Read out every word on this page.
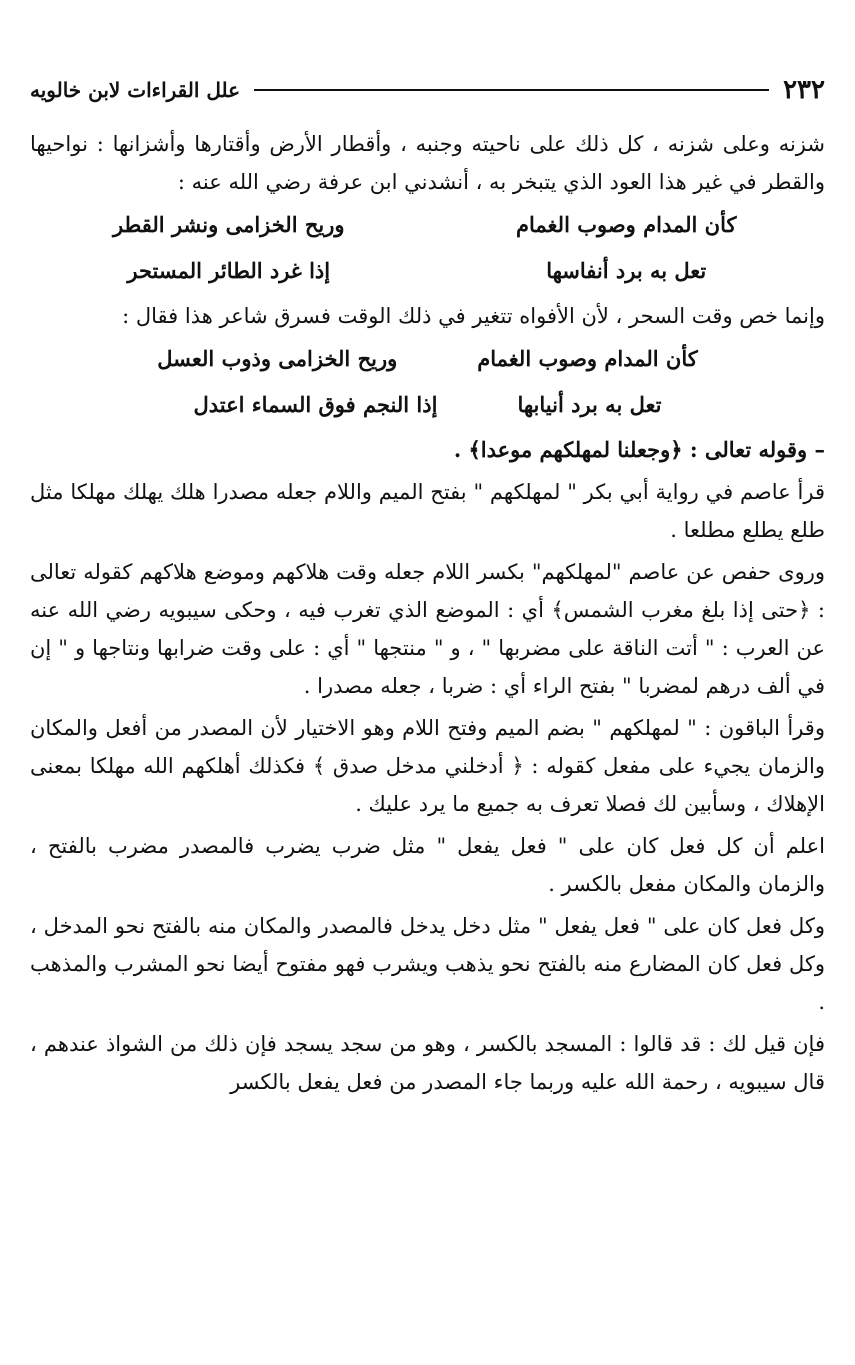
٢٣٢
علل القراءات لابن خالويه

شزنه وعلى شزنه ، كل ذلك على ناحيته وجنبه ، وأقطار الأرض وأقتارها وأشزانها : نواحيها والقطر في غير هذا العود الذي يتبخر به ، أنشدني ابن عرفة رضي الله عنه :

كأن المدام وصوب الغمام
وريح الخزامى ونشر القطر
تعل به برد أنفاسها
إذا غرد الطائر المستحر

وإنما خص وقت السحر ، لأن الأفواه تتغير في ذلك الوقت فسرق شاعر هذا فقال :

كأن المدام وصوب الغمام
وريح الخزامى وذوب العسل
تعل به برد أنيابها
إذا النجم فوق السماء اعتدل

– وقوله تعالى : ﴿وجعلنا لمهلكهم موعدا﴾ .

قرأ عاصم في رواية أبي بكر " لمهلكهم " بفتح الميم واللام جعله مصدرا هلك يهلك مهلكا مثل طلع يطلع مطلعا .

وروى حفص عن عاصم "لمهلكهم" بكسر اللام جعله وقت هلاكهم وموضع هلاكهم كقوله تعالى : ﴿حتى إذا بلغ مغرب الشمس﴾ أي : الموضع الذي تغرب فيه ، وحكى سيبويه رضي الله عنه عن العرب : " أتت الناقة على مضربها " ، و " منتجها " أي : على وقت ضرابها ونتاجها و " إن في ألف درهم لمضربا " بفتح الراء أي : ضربا ، جعله مصدرا .

وقرأ الباقون : " لمهلكهم " بضم الميم وفتح اللام وهو الاختيار لأن المصدر من أفعل والمكان والزمان يجيء على مفعل كقوله : ﴿ أدخلني مدخل صدق ﴾ فكذلك أهلكهم الله مهلكا بمعنى الإهلاك ، وسأبين لك فصلا تعرف به جميع ما يرد عليك .

اعلم أن كل فعل كان على " فعل يفعل " مثل ضرب يضرب فالمصدر مضرب بالفتح ، والزمان والمكان مفعل بالكسر .

وكل فعل كان على " فعل يفعل " مثل دخل يدخل فالمصدر والمكان منه بالفتح نحو المدخل ، وكل فعل كان المضارع منه بالفتح نحو يذهب ويشرب فهو مفتوح أيضا نحو المشرب والمذهب .

فإن قيل لك : قد قالوا : المسجد بالكسر ، وهو من سجد يسجد فإن ذلك من الشواذ عندهم ، قال سيبويه ، رحمة الله عليه وربما جاء المصدر من فعل يفعل بالكسر
